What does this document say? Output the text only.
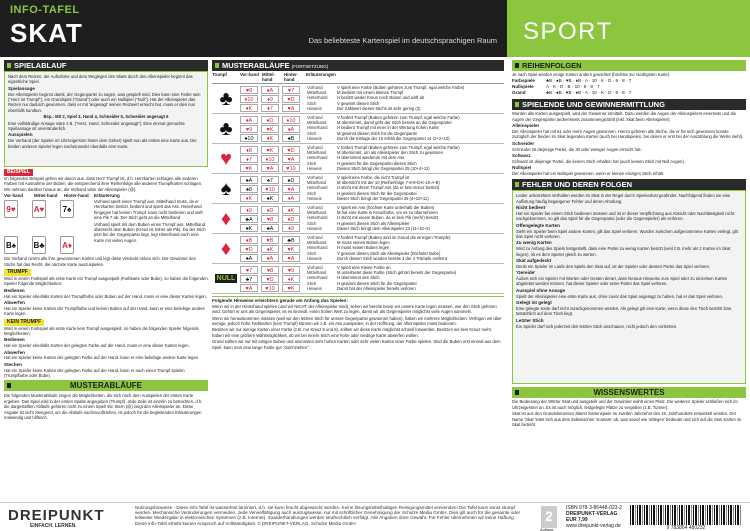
INFO-TAFEL
SKAT	Das beliebteste Kartenspiel im deutschsprachigen Raum SPORT
SPIELABLAUF
Nach dem Reizen, der Aufnahme und dem Weglegen des Skats durch den Alleinspieler beginnt das eigentliche Spiel.
Spielansage
Der Alleinspieler beginnt damit, der Gegenpartei zu sagen, was gespielt wird. Dies kann eine Farbe sein ("Herz ist Trumpf"), ein Grandspiel ("Grand") oder auch ein Nullspiel ("Null"). Hat der Alleinspieler das Reizen nur dadurch gewonnen, dass er mit 'angesagt' seinen Reizwert erreicht hat, muss er dies nun ebenfalls kundtun.
Bsp.: Mit 2, Spiel 3, Hand 4, Schneider 5, Schneider angesagt 6
Eine vollständige Ansage wäre z.B. ("Herz, Hand, Schneider angesagt"). Eine einmal gemachte Spielansage ist unveränderlich.
Ausspielen
Die Vorhand (der Spieler im Uhrzeigersinn hinter dem Geber) spielt nun als erstes eine Karte aus. Die beiden anderen Spieler legen nacheinander ebenfalls eine Karte.
BEISPIEL
Im folgenden Beispiel gehen wir davon aus, dass Herz Trumpf ist, d.h. Herzkarten schlagen alle anderen Farben mit Ausnahme der Buben, die entsprechend ihrer Reihenfolge alle anderen Trumpfkarten schlagen. Wir nehmen darüber hinaus an, die Vorhand wäre der Alleinspieler (@).
Vor-hand	Mittel-hand	Hinter-hand
9♥	A♥	7♠
B♠ B♣ A♦
Erläuterung
Vorhand spielt einen Trumpf aus. Mittelhand muss, da er Herzkarten besitzt, bedient und spielt das Ass. Hinterhand hingegen hat keinen Trumpf, kann nicht bedienen und wirft eine Pik 7 ab. Der Stich geht an die Mittelhand.
Vorhand spielt mit dem Buben einen Trumpf aus. Mittelhand übersticht dem Buben (Kreuz ist höher als Pik). Da der Stich jetzt bei der Gegenpartei liegt, legt Hinterhand noch eine Karte mit vielen Augen.
Die Vorhand nimmt alle ihre gewonnenen Karten und legt diese verdeckt neben sich. Der Gewinner des Stichs hat das Recht, die nächste Karte auszuspielen.
TRUMPF
Wird in einem Farbspiel als erste Karte ein Trumpf ausgespielt (Farbkarte oder Bube), so haben die folgenden Spieler folgende Möglichkeiten:
Bedienen
Hat ein Spieler ebenfalls Karten der Trumpffarbe oder Buben auf der Hand, muss er eine dieser Karten legen.
Abwerfen
Hat ein Spieler keine Karten der Trumpffarbe und keinen Buben auf der Hand, kann er eine beliebige andere Karte legen.
KEIN TRUMPF
Wird in einem Farbspiel als erste Karte kein Trumpf ausgespielt, so haben die folgenden Spieler folgende Möglichkeiten:
Bedienen
Hat ein Spieler ebenfalls Karten der gelegten Farbe auf der Hand, muss er eine dieser Karten legen.
Abwerfen
Hat ein Spieler keine Karten der gelegten Farbe auf der Hand, kann er eine beliebige andere Karte legen.
Stechen
Hat ein Spieler keine Karten der gelegten Farbe auf der Hand, kann er auch einen Trumpf spielen (Trumpffarbe oder Bube).
MUSTERABLÄUFE
Die folgenden Musterabläufe zeigen die Möglichkeiten, die sich nach dem Ausspielen der ersten Karte ergeben. Das Spiel wird in der ersten Spalte angegeben (Trumpf). Jede Zeile ist einzeln zu betrachten, d.h. die dargestellten Abläufe gehören nicht zu einem Spiel! Ein Stern (@) zeigt den Alleinspieler an. Diese Angabe ist nicht zwingend, um die Abläufe nachzuvollziehen, ist jedoch für die begleitenden Erläuterungen notwendig und hilfreich.
MUSTERABLÄUFE (FORTSETZUNG)
Trumpf	Vor-hand Mittel-hand
Hinter-hand
Erläuterungen
♣	♥8	♦A	♥7
♦10	♦9	♥D
♦K	♦7	♥A
Vorhand	V spielt eine Farbe (Buben gehören zum Trumpf, egal welche Farbe)
Mittelhand	M bedient mit einem kleinen Trumpf
Hinterhand	H besitzt weder Kreuz noch Buben und wirft ab
Stich	V gewinnt diesen Stich
Hinweis	Der Zählwert dieses Stichs ist sehr gering (2)
♣	♦A	♦D	♦10
♥9	♥K	♦A
♠10	♦K	♠B
Vorhand	V fordert Trumpf (Buben gehören zum Trumpf, egal welche Farbe)
Mittelhand	M übernimmt, damit geht der Stich bereits an die Gegenpartei
Hinterhand	H bedient Trumpf mit einer in der Wertung hohen Karte
Stich	M gewinnt diesen Stich für die Gegenpartei
Hinweis	Durch die Einlage der 10 erhält die Gegenpartei 14 (2+2+10)
♥	♦8	♥K	♥D
♦7	♦10	♥A
♥K	♥A	♥10
Vorhand	V fordert Trumpf (Buben gehören zum Trumpf, egal welche Farbe)
Mittelhand	M übernimmt, um als Alleinspieler den Stich zu gewinnen
Hinterhand	H übernimmt wiederum mit dem Ass
Stich	H gewinnt für die Gegenpartei diesen Stich
Hinweis	Diesen Stich bringt der Gegenpartei 25 (10+4+11)
♠	♠A	♠7	♠D
♠8	♥10	♥A
♦K	♠K	♦A
Vorhand	V spielt eine Farbe, die nicht Trumpf ist
Mittelhand	M übersticht mit der 10 (Reihenfolge 7-8-9-D-K-10-A-B)
Hinterhand	H sticht mit ihrem Trumpf Ass (da er kein Kreuz besitzt)
Stich	H gewinnt diesen Stich für die Gegenpartei
Hinweis	Dieser Stich bringt der Gegenpartei 25 (4+10+11)
♦	♦9	♦D	♦K
♣A	♥8	♦D
♠K	♠A	♦9
Vorhand	V spielt ein Ass (höchste Karte unterhalb der Buben)
Mittelhand	M hat eine Karte in Kreuzfarbe, um es zu übernehmen
Hinterhand	H sticht mit einem Buben, da er kein Pik (mehr) besitzt
Stich	H gewinnt diesen Stich als Alleinspieler
Hinweis	Dieser Stich bringt dem Alleinspieler 23 (11+10+2)
♦	♦B	♥B	♣B
♥D	♦K	♥K
♠A	♦A	♥A
Vorhand	V fordert Trumpf (Buben sind im Grand die einzigen Trümpfe)
Mittelhand	M muss seinen Buben legen
Hinterhand	H muss seinen Buben legen
Stich	V gewinnt diesen Stich als Alleinspieler (höchster Bube)
Hinweis	Durch diesen Stich wurden bereits 3 der 4 Trümpfe entfernt
NULL
♥7	♥8	♥9
♣7	♥D	♦K
♥A	♥10	♥K
Vorhand	V spielt eine Kleine Farbe an
Mittelhand	M unterbietet diese Farbe (Stich gehört bereits der Gegenpartei)
Hinterhand	H übernimmt den Stich
Stich	H gewinnt diesen Stich für die Gegenpartei
Hinweis	Damit hat der Alleinspieler bereits verloren
Folgende Hinweise erleichtern gerade am Anfang das Spielen:
Wenn wir in der Hinterhand spielen (und wir NICHT der Alleinspieler sind), sehen wir bereits bevor wir unsere Karte legen müssen, wer den Stich gehören wird. Gehört er uns als Gegenspieler, ist es sinnvoll, einen hohen Wert zu legen, damit wir als Gegenspieler möglichst viele Augen sammeln.
Wenn wir herauskommen müssen (weil wir den letzten Stich für unsere Gegenpartei gewonnen haben), haben wir mehrere Möglichkeiten: Verfügen wir über wenige, jedoch hohe Farbkarten (kein Trumpf) können wir z.B. ein Ass ausspielen, in der Hoffnung, der Alleinspieler muss bedienen.
Besitzen wir nur wenige Karten einer Farbe (z.B. nur Kreuz 9 und 8), sollten wir diese Karte möglichst schnell loswerden. Besitzen wir kein Kreuz mehr, haben wir eine größere Wahlmöglichkeit, ob wir bei einem Stich eine hohe oder niedrige Karte abwerfen wollen.
Grand sollten wir nur mit einigen Buben und ansonsten sehr hohen Karten oder sehr vielen Karten einer Farbe spielen. Sind die Buben erst einmal aus dem Spiel, kann man eine lange Farbe gut "durchziehen".
REIHENFOLGEN
Je nach Spiel werden einige Karten anders gewichtet (höchste zur niedrigsten Karte):
Farbspiele	♣B · ♠B · ♥B · ♦B · A · 10 · K · D · 9 · 8 · 7
Nullspiele	A · K · D · B · 10 · 9 · 8 · 7
Grand	♣B · ♠B · ♥B · ♦B · A · 10 · K · D · 9 · 8 · 7
SPIELENDE UND GEWINNERMITTLUNG
Wurden alle Karten ausgespielt, wird der Gewinner ermittelt. Dazu werden die Augen der Alleinspielers einerseits und die Augen der Gegenpartei andererseits zusammengezählt (inkl. Skat beim Alleinspieler).
Alleinspieler
Der Alleinspieler hat mit 61 oder mehr Augen gewonnen. Hierzu gehören alle Stiche, die er für sich gewonnen konnte zuzüglich der beiden im Skat liegenden Karten (auch bei Handspielen, bei denen er erst bei der Auszählung die Werte sieht).
Schneider
Schneider ist diejenige Partei, die 30 oder weniger Augen erreicht hat.
Schwarz
Schwarz ist diejenige Partei, die keinen Stich erhalten hat (auch keinen Stich mit Null Augen).
Nullspiel
Der Alleinspieler hat ein Nullspiel gewonnen, wenn er keinen einzigen Stich erhält.
FEHLER UND DEREN FOLGEN
Leider unkorrektes Verhalten werden im Skat in der Regel durch Spielverlust geahndet. Nachfolgend finden sie eine Auflistung häufig begangener Fehler und deren Ahndung.
Nicht bedient
Hat ein Spieler bei einem Stich bedienen müssen und ist er dieser Verpflichtung aus Absicht oder Nachlässigkeit nicht nachgekommen, so gilt das Spiel für die Gegenpartei (oder die Gegenspieler) als verloren.
Offengelegte Karten
Sieht ein Spieler beim Spiel andere Karten, gilt das Spiel verloren. Wurden zwischen aufgenommene Karten verlegt, gilt das Spiel nicht verloren.
Zu wenig Karten
Wird zu Anfang des Spiels festgestellt, dass eine Partei zu wenig Karten besitzt (weil z.B. mehr als 2 Karten im Skat liegen), ist es dem Spieler gleich zu werten.
Skat aufgedeckt
Deckt ein Spieler im Laufe des Spiels den Skat auf, ist der Spieler oder dessen Partei das Spiel verloren.
'Gereide'
Äußert sich ein Spieler mit Worten oder Gesten derart, dass hieraus Hinweise zum Spiel oder zu einzelnen Karten abgeleitet werden können, hat dieser Spieler oder seine Partei das Spiel verloren.
Ausspiel ohne Ansage
Spielt der Alleinspieler eine erste Karte aus, ohne zuvor das Spiel angesagt zu haben, hat er das Spiel verloren.
Gelegt ist gelegt
Eine gelegte Karte darf nicht zurückgenommen werden. Als gelegt gilt eine Karte, wenn diese den Tisch berührt bzw. tatsächlich auf dem Tisch liegt.
Letzter Stich
Ein Spieler darf sich jederzeit den letzten Stich anschauen, nicht jedoch den vorletzten.
WISSENSWERTES
Die Bedeutung der Wörter Skat und ausgeteilt und der Gewinner wahlt einen Platz. Die weiteren Spieler schließen sich im Uhrzeigersinn an. Es ist auch möglich, festgelegte Plätze zu vergeben (z.B. Turnier).
Skat ist aus den Grundelementen älterer Kartenspiele im zweiten Jahrzehnt des 19. Jahrhunderts entwickelt worden. Der Name 'Skat' leitet sich aus dem italienischen 'scartare' ab, was soviel wie 'ablegen' bedeutet und sich auf die zwei Karten im Skat bezieht.
DREIPUNKT
EINFACH. LERNEN.
Nutzungshinweise - Diese Info-Tafel ist wasserfest laminiert, d.h. sie kann feucht abgewischt werden. Keine lösungsmittelhaltigen Reinigungsmittel verwenden! Die Tafel kann sonst stumpf werden. Mechanische Veränderungen vermeiden. Jede Vervielfältigung auch auszugsweise, nur mit schriftlicher Genehmigung der Schulze Media GmbH. Dies gilt auch für die gesamte oder teilweise Wiedergabe in elektronischen Systemen (z.B. Internet). Zuwiderhandlungen werden strafrechtlich verfolgt. Alle Angaben ohne Gewähr. Für Fehler übernehmen wir keine Haftung. Diese Info-Tafel erhebt keinen Anspruch auf Vollständigkeit. © DREIPUNKT-VERLAG, Schulze Media GmbH	2
Auflage
ISBN 978-3-86448-023-2
DREIPUNKT-VERLAG
EUR 7,99
www.dreipunkt-verlag.de	9 783864 480232
